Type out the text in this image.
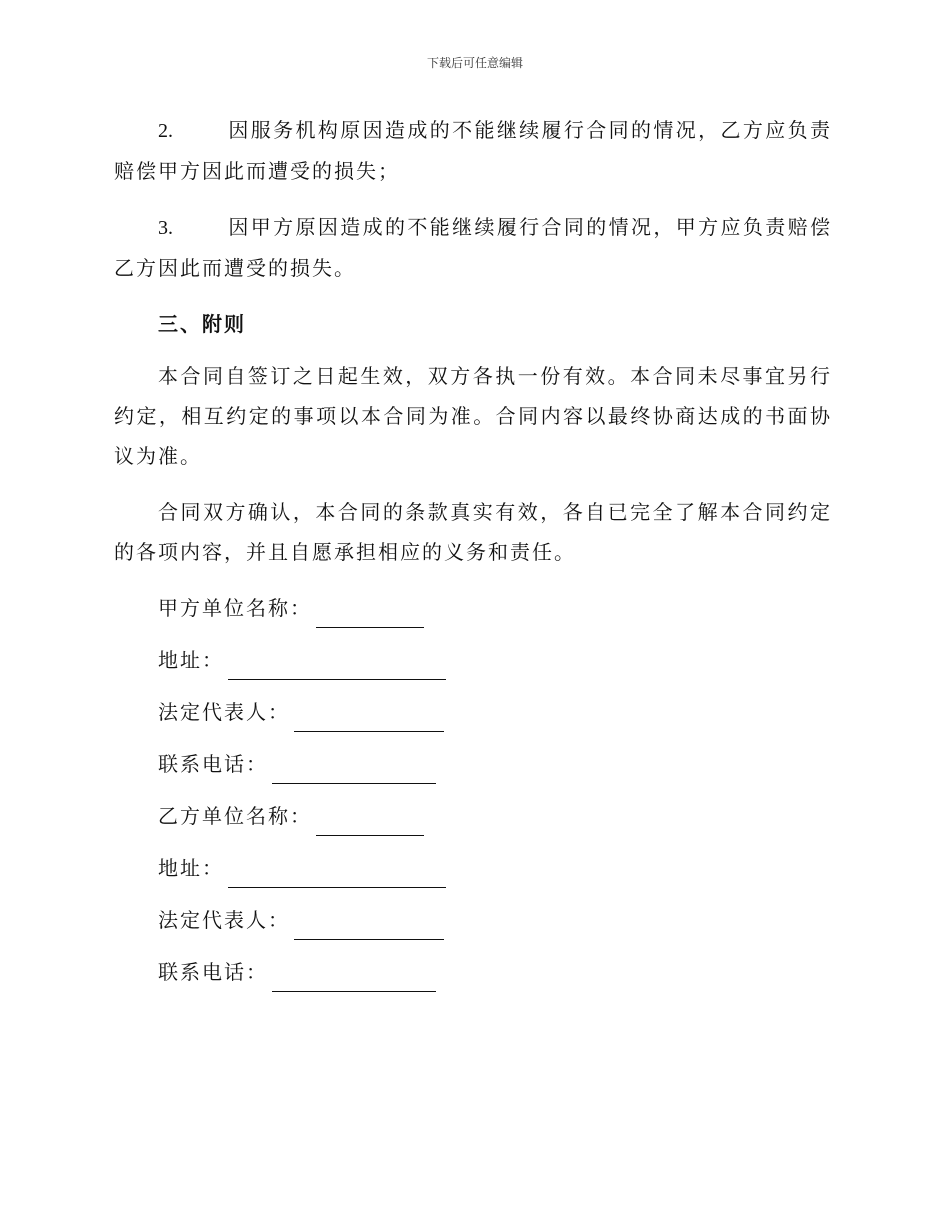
下载后可任意编辑

2.	因服务机构原因造成的不能继续履行合同的情况，乙方应负责赔偿甲方因此而遭受的损失；

3.	因甲方原因造成的不能继续履行合同的情况，甲方应负责赔偿乙方因此而遭受的损失。

三、附则

本合同自签订之日起生效，双方各执一份有效。本合同未尽事宜另行约定，相互约定的事项以本合同为准。合同内容以最终协商达成的书面协议为准。

合同双方确认，本合同的条款真实有效，各自已完全了解本合同约定的各项内容，并且自愿承担相应的义务和责任。

甲方单位名称：
地址：
法定代表人：
联系电话：
乙方单位名称：
地址：
法定代表人：
联系电话：
